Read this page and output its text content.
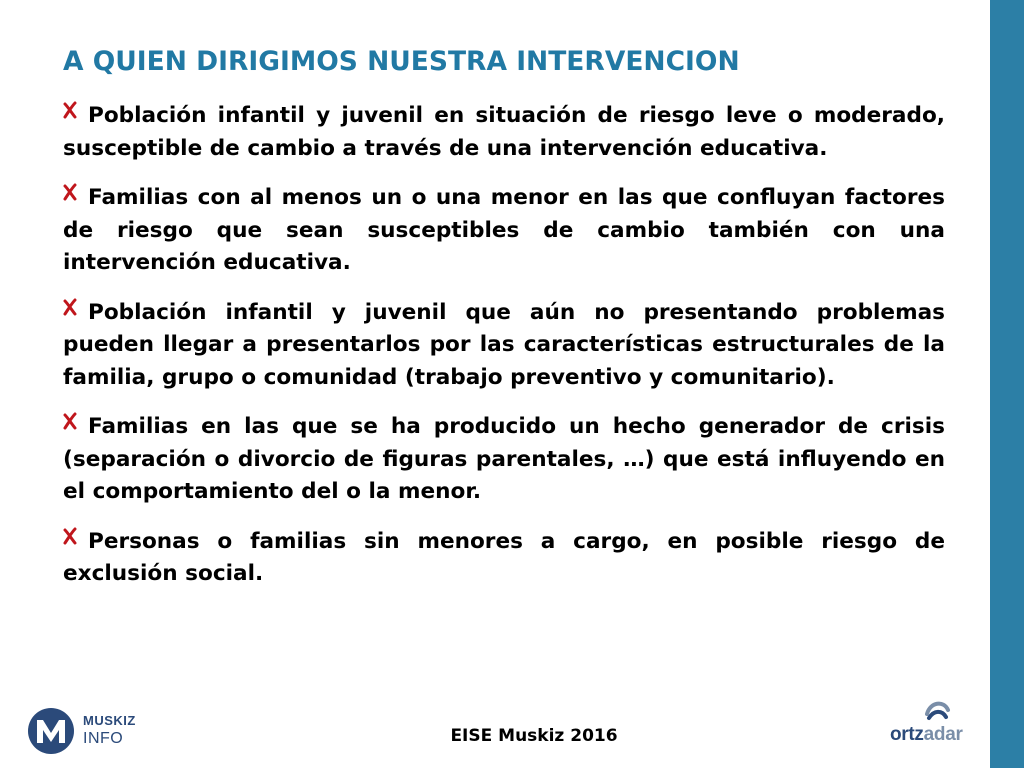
A QUIEN DIRIGIMOS NUESTRA INTERVENCION
Población infantil y juvenil en situación de riesgo leve o moderado, susceptible de cambio a través de una intervención educativa.
Familias con al menos un o una menor en las que confluyan factores de riesgo que sean susceptibles de cambio también con una intervención educativa.
Población infantil y juvenil que aún no presentando problemas pueden llegar a presentarlos por las características estructurales de la familia, grupo o comunidad (trabajo preventivo y comunitario).
Familias en las que se ha producido un hecho generador de crisis (separación o divorcio de figuras parentales, …) que está influyendo en el comportamiento del o la menor.
Personas o familias sin menores a cargo, en posible riesgo de exclusión social.
MUSKIZ
INFO	EISE Muskiz 2016	ortzadar
